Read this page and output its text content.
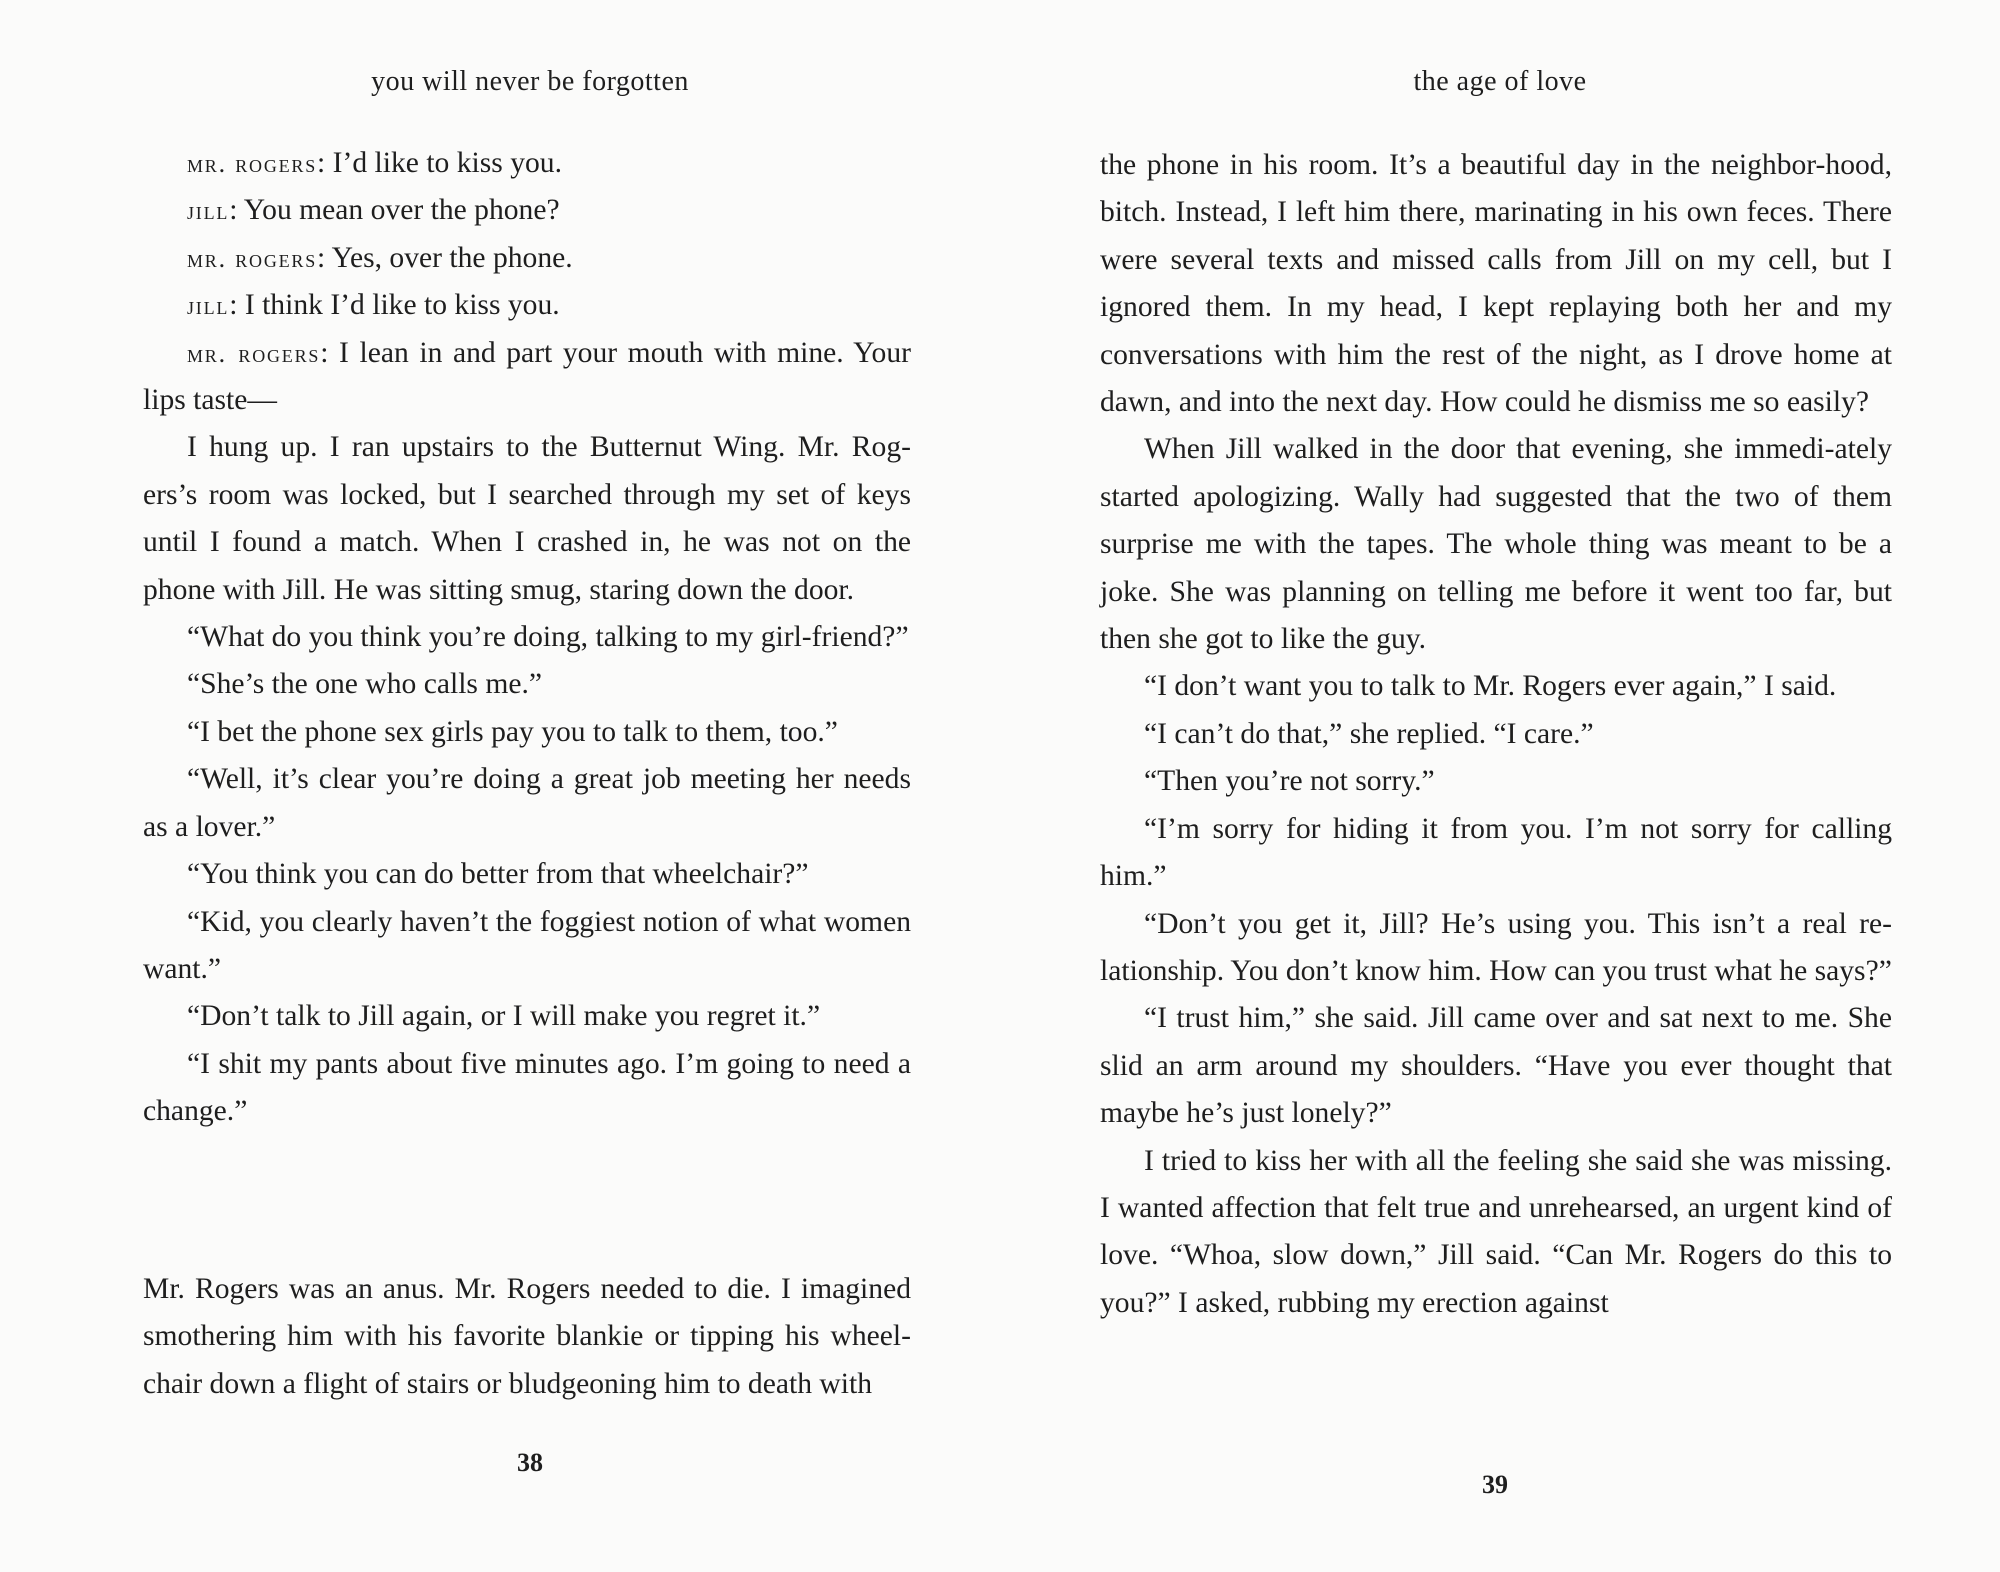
you will never be forgotten

mr. rogers: I’d like to kiss you.

jill: You mean over the phone?

mr. rogers: Yes, over the phone.

jill: I think I’d like to kiss you.

mr. rogers: I lean in and part your mouth with mine. Your lips taste—

I hung up. I ran upstairs to the Butternut Wing. Mr. Rog-ers’s room was locked, but I searched through my set of keys until I found a match. When I crashed in, he was not on the phone with Jill. He was sitting smug, staring down the door.

“What do you think you’re doing, talking to my girl-friend?”

“She’s the one who calls me.”

“I bet the phone sex girls pay you to talk to them, too.”

“Well, it’s clear you’re doing a great job meeting her needs as a lover.”

“You think you can do better from that wheelchair?”

“Kid, you clearly haven’t the foggiest notion of what women want.”

“Don’t talk to Jill again, or I will make you regret it.”

“I shit my pants about five minutes ago. I’m going to need a change.”

Mr. Rogers was an anus. Mr. Rogers needed to die. I imagined smothering him with his favorite blankie or tipping his wheel-chair down a flight of stairs or bludgeoning him to death with

38

the age of love

the phone in his room. It’s a beautiful day in the neighbor-hood, bitch. Instead, I left him there, marinating in his own feces. There were several texts and missed calls from Jill on my cell, but I ignored them. In my head, I kept replaying both her and my conversations with him the rest of the night, as I drove home at dawn, and into the next day. How could he dismiss me so easily?

When Jill walked in the door that evening, she immedi-ately started apologizing. Wally had suggested that the two of them surprise me with the tapes. The whole thing was meant to be a joke. She was planning on telling me before it went too far, but then she got to like the guy.

“I don’t want you to talk to Mr. Rogers ever again,” I said.

“I can’t do that,” she replied. “I care.”

“Then you’re not sorry.”

“I’m sorry for hiding it from you. I’m not sorry for calling him.”

“Don’t you get it, Jill? He’s using you. This isn’t a real re-lationship. You don’t know him. How can you trust what he says?”

“I trust him,” she said. Jill came over and sat next to me. She slid an arm around my shoulders. “Have you ever thought that maybe he’s just lonely?”

I tried to kiss her with all the feeling she said she was missing. I wanted affection that felt true and unrehearsed, an urgent kind of love. “Whoa, slow down,” Jill said. “Can Mr. Rogers do this to you?” I asked, rubbing my erection against

39
